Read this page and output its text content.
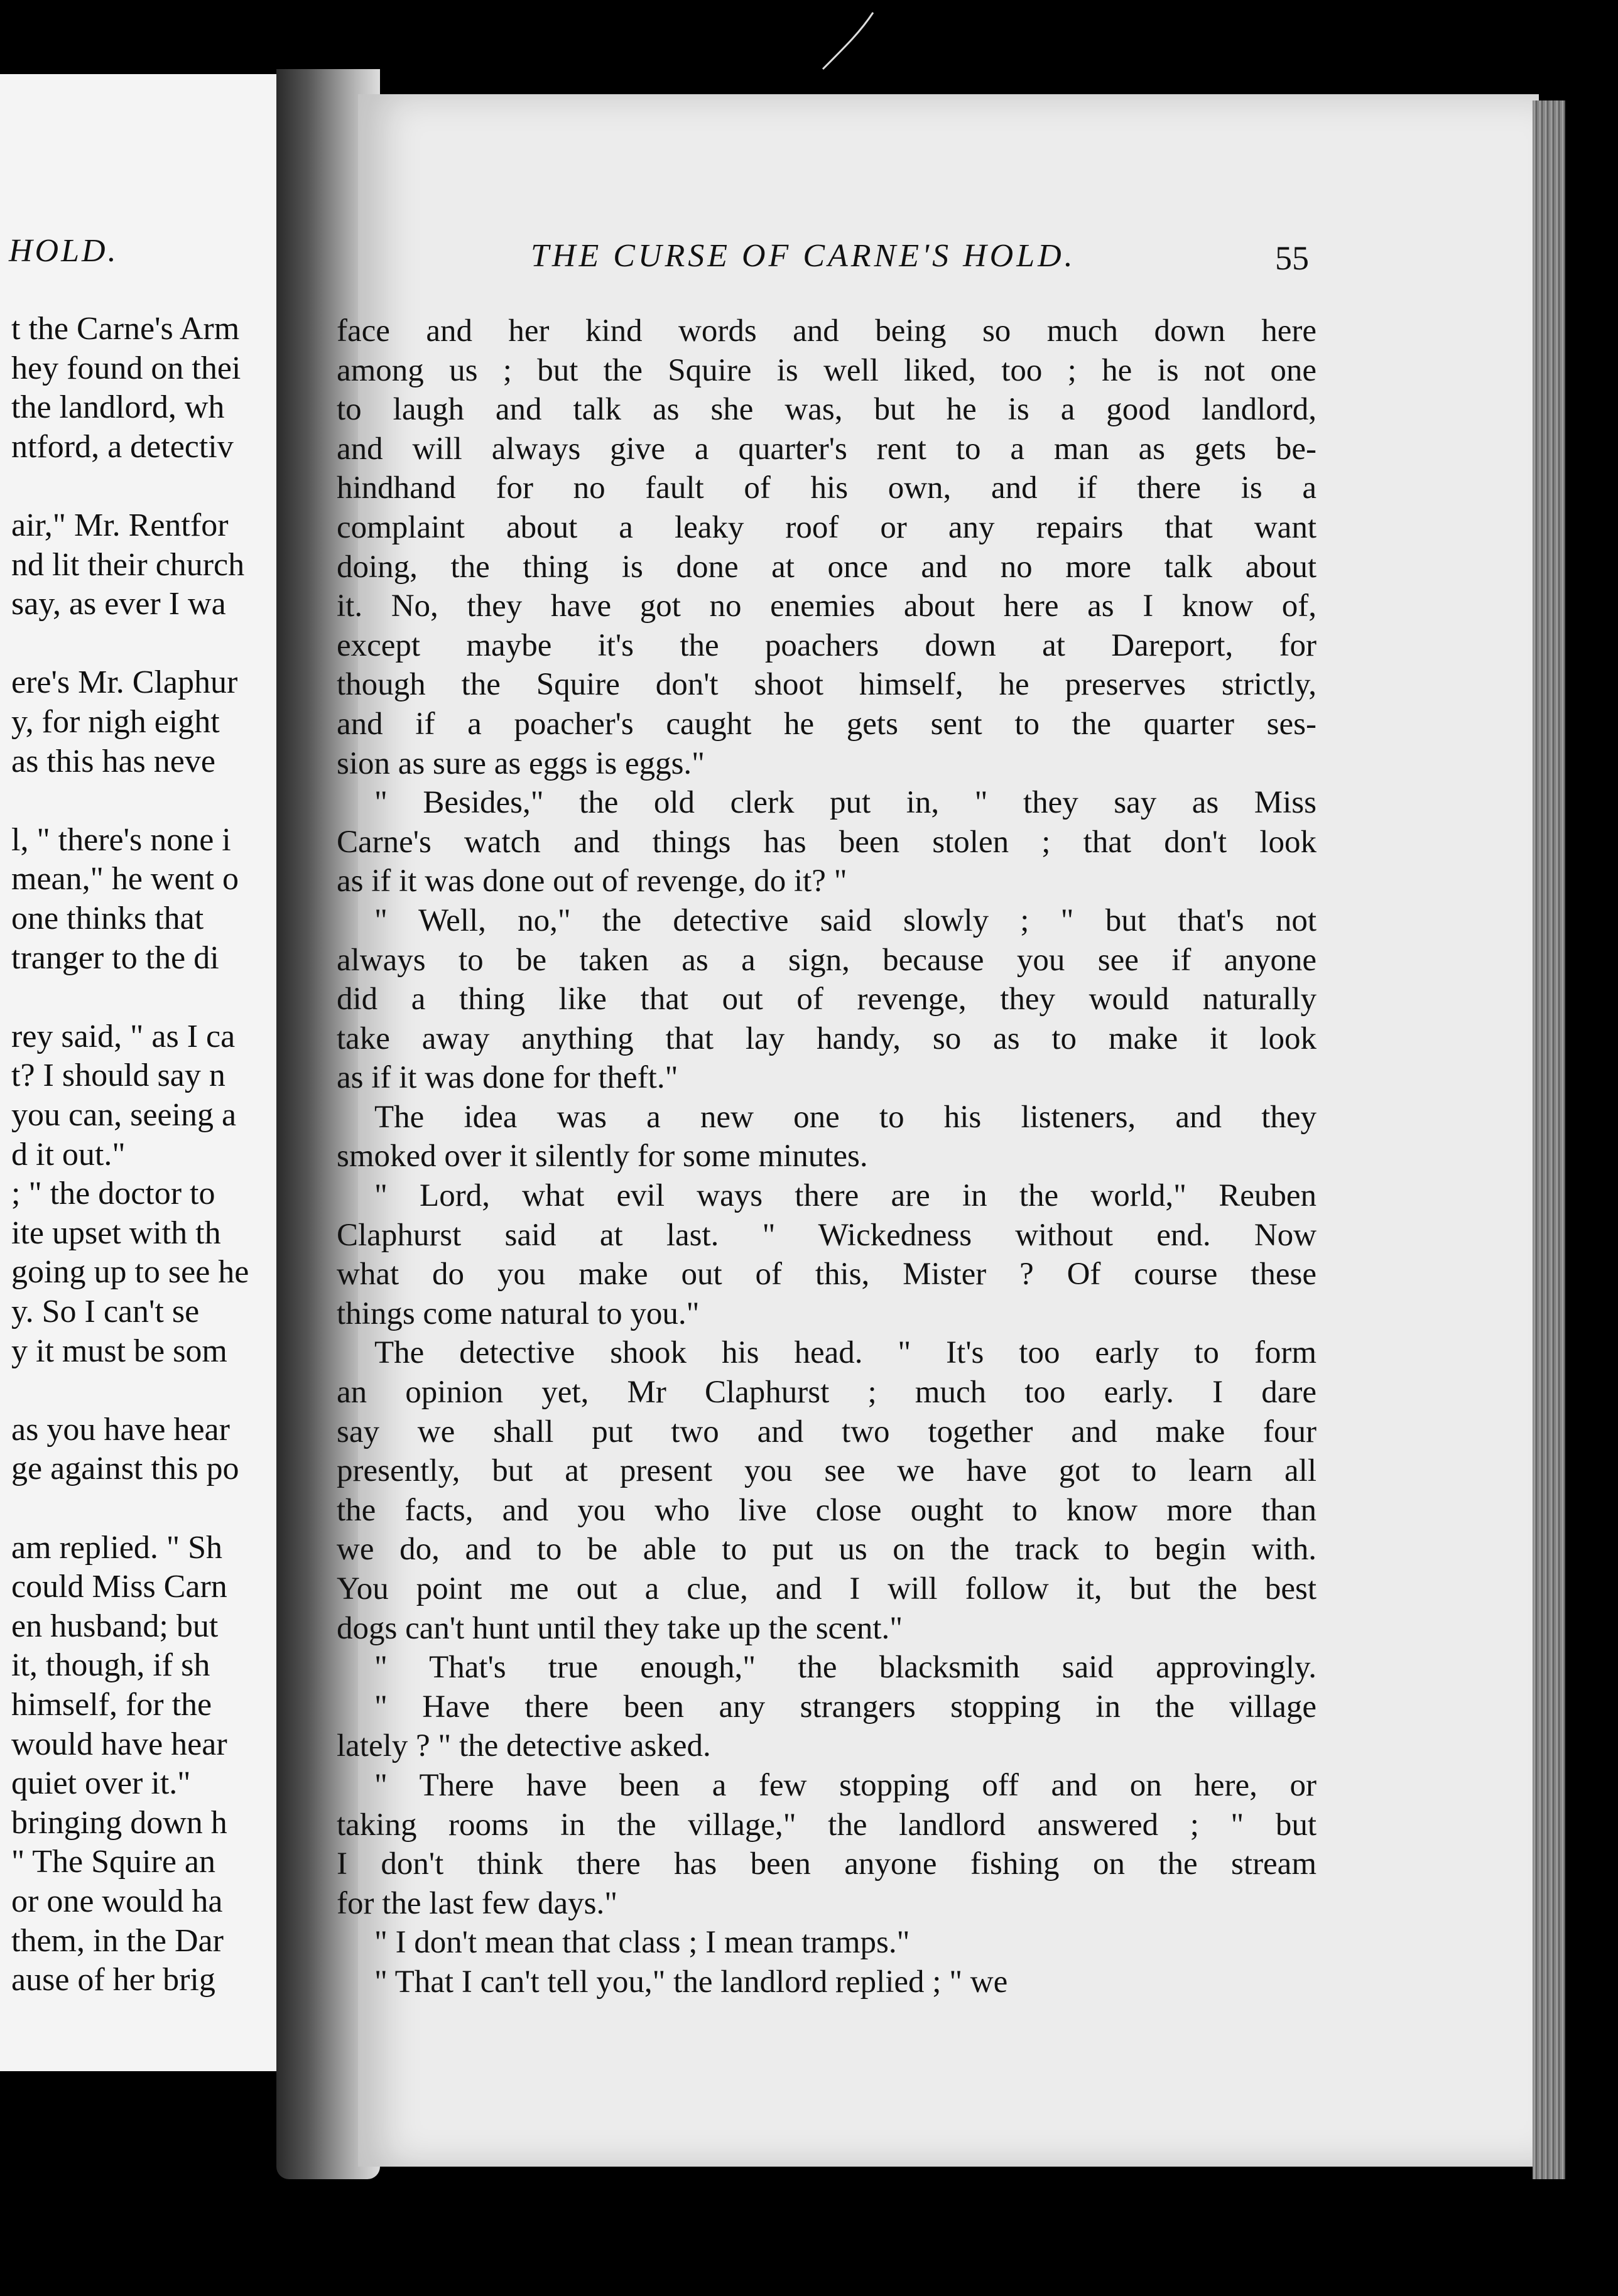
HOLD.
t the Carne's Arm
hey found on thei
the landlord, wh
ntford, a detectiv
air," Mr. Rentfor
nd lit their church
say, as ever I wa
ere's Mr. Claphur
y, for nigh eight
as this has neve
l, " there's none i
mean," he went o
one thinks that
tranger to the di
rey said, " as I ca
t? I should say n
you can, seeing a
d it out."
; " the doctor to
ite upset with th
going up to see he
y. So I can't se
y it must be som
as you have hear
ge against this po
am replied. " Sh
could Miss Carn
en husband; but
it, though, if sh
himself, for the
would have hear
quiet over it."
bringing down h
" The Squire an
or one would ha
them, in the Dar
ause of her brig
THE CURSE OF CARNE'S HOLD.	55
face and her kind words and being so much down here
among us ; but the Squire is well liked, too ; he is not one
to laugh and talk as she was, but he is a good landlord,
and will always give a quarter's rent to a man as gets be-
hindhand for no fault of his own, and if there is a
complaint about a leaky roof or any repairs that want
doing, the thing is done at once and no more talk about
it. No, they have got no enemies about here as I know of,
except maybe it's the poachers down at Dareport, for
though the Squire don't shoot himself, he preserves strictly,
and if a poacher's caught he gets sent to the quarter ses-
sion as sure as eggs is eggs."
" Besides," the old clerk put in, " they say as Miss
Carne's watch and things has been stolen ; that don't look
as if it was done out of revenge, do it? "
" Well, no," the detective said slowly ; " but that's not
always to be taken as a sign, because you see if anyone
did a thing like that out of revenge, they would naturally
take away anything that lay handy, so as to make it look
as if it was done for theft."
The idea was a new one to his listeners, and they
smoked over it silently for some minutes.
" Lord, what evil ways there are in the world," Reuben
Claphurst said at last. " Wickedness without end. Now
what do you make out of this, Mister ? Of course these
things come natural to you."
The detective shook his head. " It's too early to form
an opinion yet, Mr Claphurst ; much too early. I dare
say we shall put two and two together and make four
presently, but at present you see we have got to learn all
the facts, and you who live close ought to know more than
we do, and to be able to put us on the track to begin with.
You point me out a clue, and I will follow it, but the best
dogs can't hunt until they take up the scent."
" That's true enough," the blacksmith said approvingly.
" Have there been any strangers stopping in the village
lately ? " the detective asked.
" There have been a few stopping off and on here, or
taking rooms in the village," the landlord answered ; " but
I don't think there has been anyone fishing on the stream
for the last few days."
" I don't mean that class ; I mean tramps."
" That I can't tell you," the landlord replied ; " we
